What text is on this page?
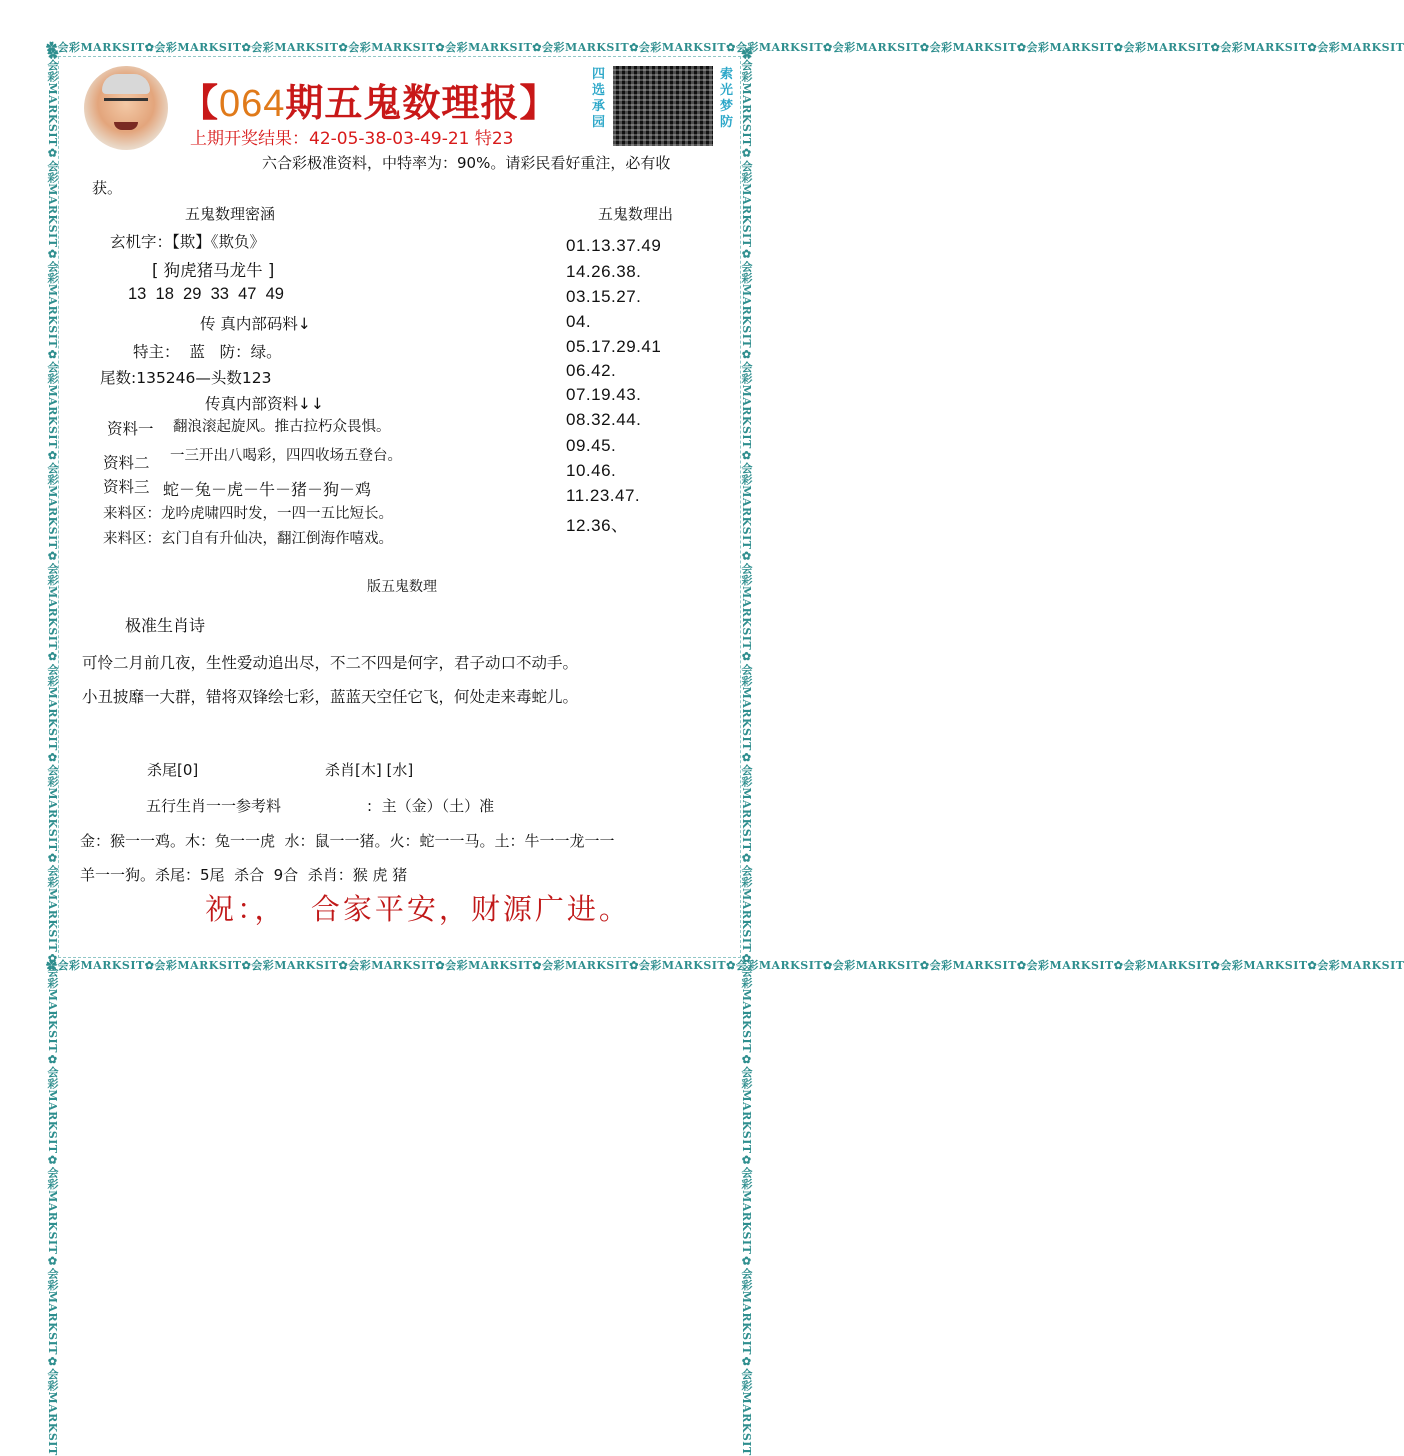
✿会彩MARKSIT✿会彩MARKSIT✿会彩MARKSIT✿会彩MARKSIT✿会彩MARKSIT✿会彩MARKSIT✿会彩MARKSIT✿会彩MARKSIT✿会彩MARKSIT✿会彩MARKSIT✿会彩MARKSIT✿会彩MARKSIT✿会彩MARKSIT✿会彩MARKSIT
✿会彩MARKSIT✿会彩MARKSIT✿会彩MARKSIT✿会彩MARKSIT✿会彩MARKSIT✿会彩MARKSIT✿会彩MARKSIT✿会彩MARKSIT✿会彩MARKSIT✿会彩MARKSIT✿会彩MARKSIT✿会彩MARKSIT✿会彩MARKSIT✿会彩MARKSIT
✿会彩MARKSIT✿会彩MARKSIT✿会彩MARKSIT✿会彩MARKSIT✿会彩MARKSIT✿会彩MARKSIT✿会彩MARKSIT✿会彩MARKSIT✿会彩MARKSIT✿会彩MARKSIT✿会彩MARKSIT✿会彩MARKSIT✿会彩MARKSIT✿会彩MARKSIT	✿会彩MARKSIT✿会彩MARKSIT✿会彩MARKSIT✿会彩MARKSIT✿会彩MARKSIT✿会彩MARKSIT✿会彩MARKSIT✿会彩MARKSIT✿会彩MARKSIT✿会彩MARKSIT✿会彩MARKSIT✿会彩MARKSIT✿会彩MARKSIT✿会彩MARKSIT
【064期五鬼数理报】
四
选
承
园
索
光
梦
防
上期开奖结果：42-05-38-03-49-21 特23
六合彩极准资料，中特率为：90%。请彩民看好重注，必有收
获。
五鬼数理密涵
玄机字：【欺】《欺负》
[ 狗虎猪马龙牛 ]
13  18  29  33  47  49
传 真内部码料↓
特主：  蓝   防：绿。
尾数:135246—头数123
传真内部资料↓↓
资料一 翻浪滚起旋风。推古拉朽众畏惧。
资料二 一三开出八喝彩，四四收场五登台。
资料三 蛇－兔－虎－牛－猪－狗－鸡
来料区：龙吟虎啸四时发，一四一五比短长。
来料区：玄门自有升仙决，翻江倒海作嘻戏。
五鬼数理出
01.13.37.49
14.26.38.
03.15.27.
04.
05.17.29.41
06.42.
07.19.43.
08.32.44.
09.45.
10.46.
11.23.47.
12.36、
版五鬼数理
极准生肖诗
可怜二月前几夜，生性爱动追出尽，不二不四是何字，君子动口不动手。
小丑披靡一大群，错将双锋绘七彩，蓝蓝天空任它飞，何处走来毒蛇儿。
杀尾[0]	杀肖[木] [水]
五行生肖一一参考料	:  主（金）（土）准
金：猴一一鸡。木：兔一一虎  水：鼠一一猪。火：蛇一一马。土：牛一一龙一一
羊一一狗。杀尾：5尾  杀合  9合  杀肖：猴 虎 猪
祝：，  合家平安，财源广进。
